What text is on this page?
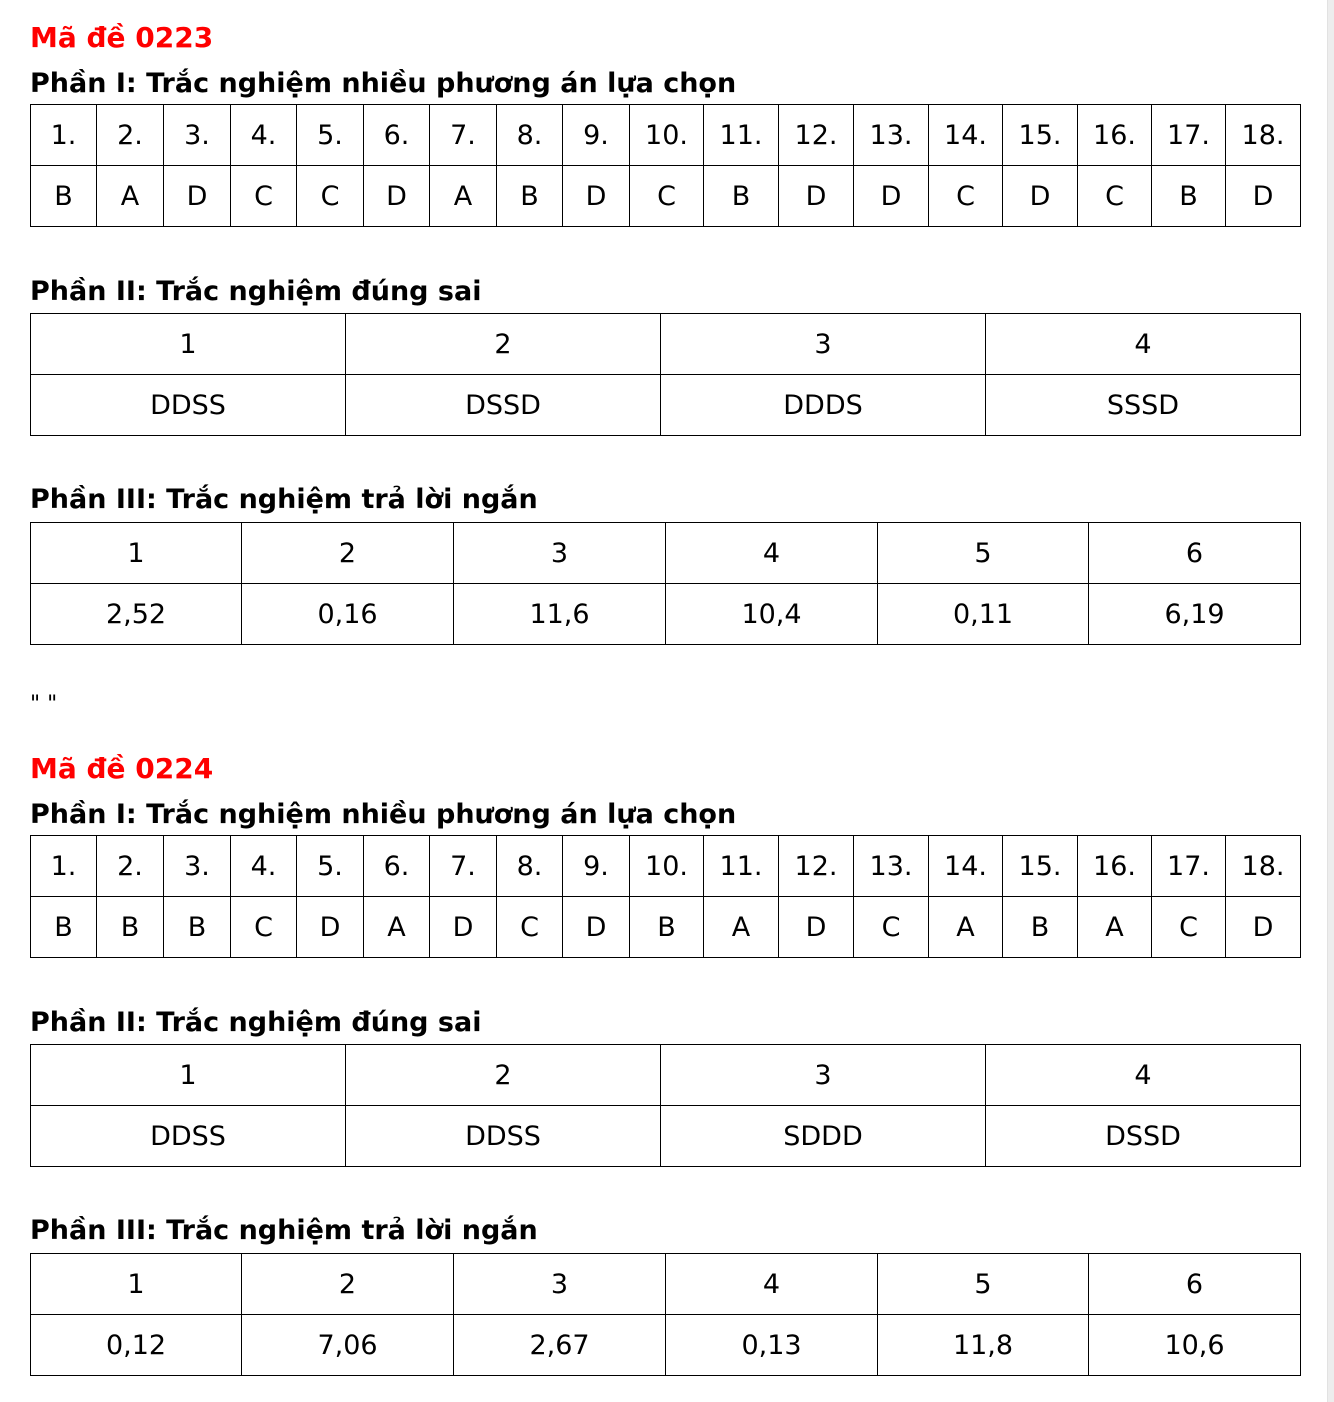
Mã đề 0223
Phần I: Trắc nghiệm nhiều phương án lựa chọn
1.	2.	3.	4.	5.	6.	7.	8.	9.	10.	11.	12.	13.	14.	15.	16.	17.	18.
B	A	D	C	C	D	A	B	D	C	B	D	D	C	D	C	B	D
Phần II: Trắc nghiệm đúng sai
1	2	3	4
DDSS	DSSD	DDDS	SSSD
Phần III: Trắc nghiệm trả lời ngắn
1	2	3	4	5	6
2,52	0,16	11,6	10,4	0,11	6,19

" "

Mã đề 0224
Phần I: Trắc nghiệm nhiều phương án lựa chọn
1.	2.	3.	4.	5.	6.	7.	8.	9.	10.	11.	12.	13.	14.	15.	16.	17.	18.
B	B	B	C	D	A	D	C	D	B	A	D	C	A	B	A	C	D
Phần II: Trắc nghiệm đúng sai
1	2	3	4
DDSS	DDSS	SDDD	DSSD
Phần III: Trắc nghiệm trả lời ngắn
1	2	3	4	5	6
0,12	7,06	2,67	0,13	11,8	10,6
